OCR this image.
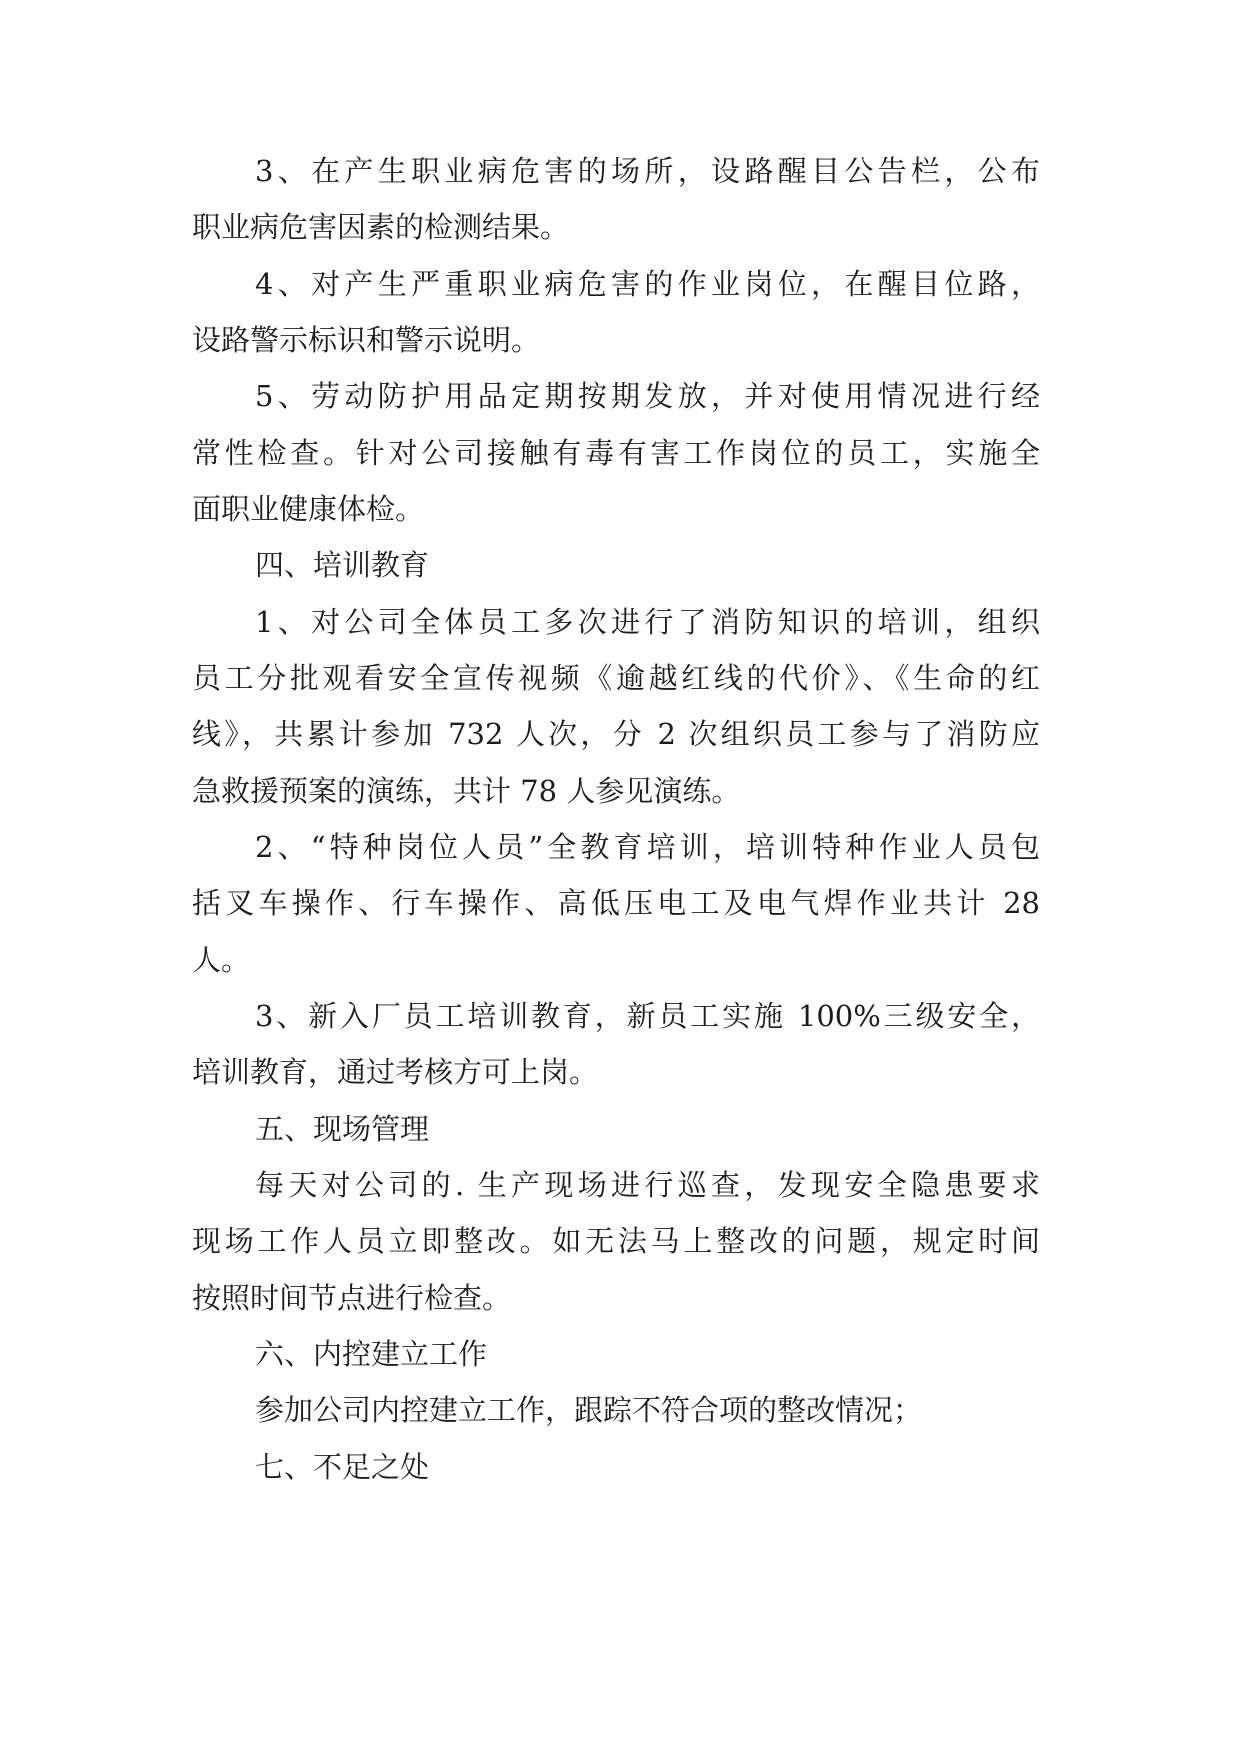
3、在产生职业病危害的场所，设路醒目公告栏，公布

职业病危害因素的检测结果。

4、对产生严重职业病危害的作业岗位，在醒目位路，

设路警示标识和警示说明。

5、劳动防护用品定期按期发放，并对使用情况进行经

常性检查。针对公司接触有毒有害工作岗位的员工，实施全

面职业健康体检。

四、培训教育

1、对公司全体员工多次进行了消防知识的培训，组织

员工分批观看安全宣传视频《逾越红线的代价》、《生命的红

线》，共累计参加 732 人次，分 2 次组织员工参与了消防应

急救援预案的演练，共计 78 人参见演练。

2、“特种岗位人员”全教育培训，培训特种作业人员包

括叉车操作、行车操作、高低压电工及电气焊作业共计 28

人。

3、新入厂员工培训教育，新员工实施 100%三级安全，

培训教育，通过考核方可上岗。

五、现场管理

每天对公司的. 生产现场进行巡查，发现安全隐患要求

现场工作人员立即整改。如无法马上整改的问题，规定时间

按照时间节点进行检查。

六、内控建立工作

参加公司内控建立工作，跟踪不符合项的整改情况；

七、不足之处
